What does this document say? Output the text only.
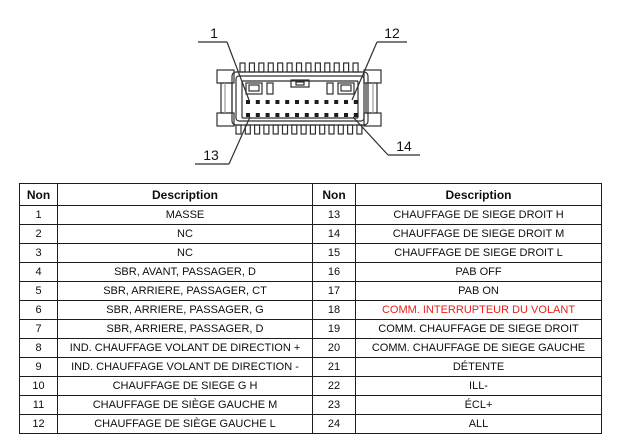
1	12
13
14
Non	Description	Non	Description
1	MASSE	13	CHAUFFAGE DE SIEGE DROIT H
2	NC	14	CHAUFFAGE DE SIEGE DROIT M
3	NC	15	CHAUFFAGE DE SIEGE DROIT L
4	SBR, AVANT, PASSAGER, D	16	PAB OFF
5	SBR, ARRIERE, PASSAGER, CT	17	PAB ON
6	SBR, ARRIERE, PASSAGER, G	18	COMM. INTERRUPTEUR DU VOLANT
7	SBR, ARRIERE, PASSAGER, D	19	COMM. CHAUFFAGE DE SIEGE DROIT
8	IND. CHAUFFAGE VOLANT DE DIRECTION +	20	COMM. CHAUFFAGE DE SIEGE GAUCHE
9	IND. CHAUFFAGE VOLANT DE DIRECTION -	21	DÉTENTE
10	CHAUFFAGE DE SIEGE G H	22	ILL-
11	CHAUFFAGE DE SIÈGE GAUCHE M	23	ÉCL+
12	CHAUFFAGE DE SIÈGE GAUCHE L	24	ALL
